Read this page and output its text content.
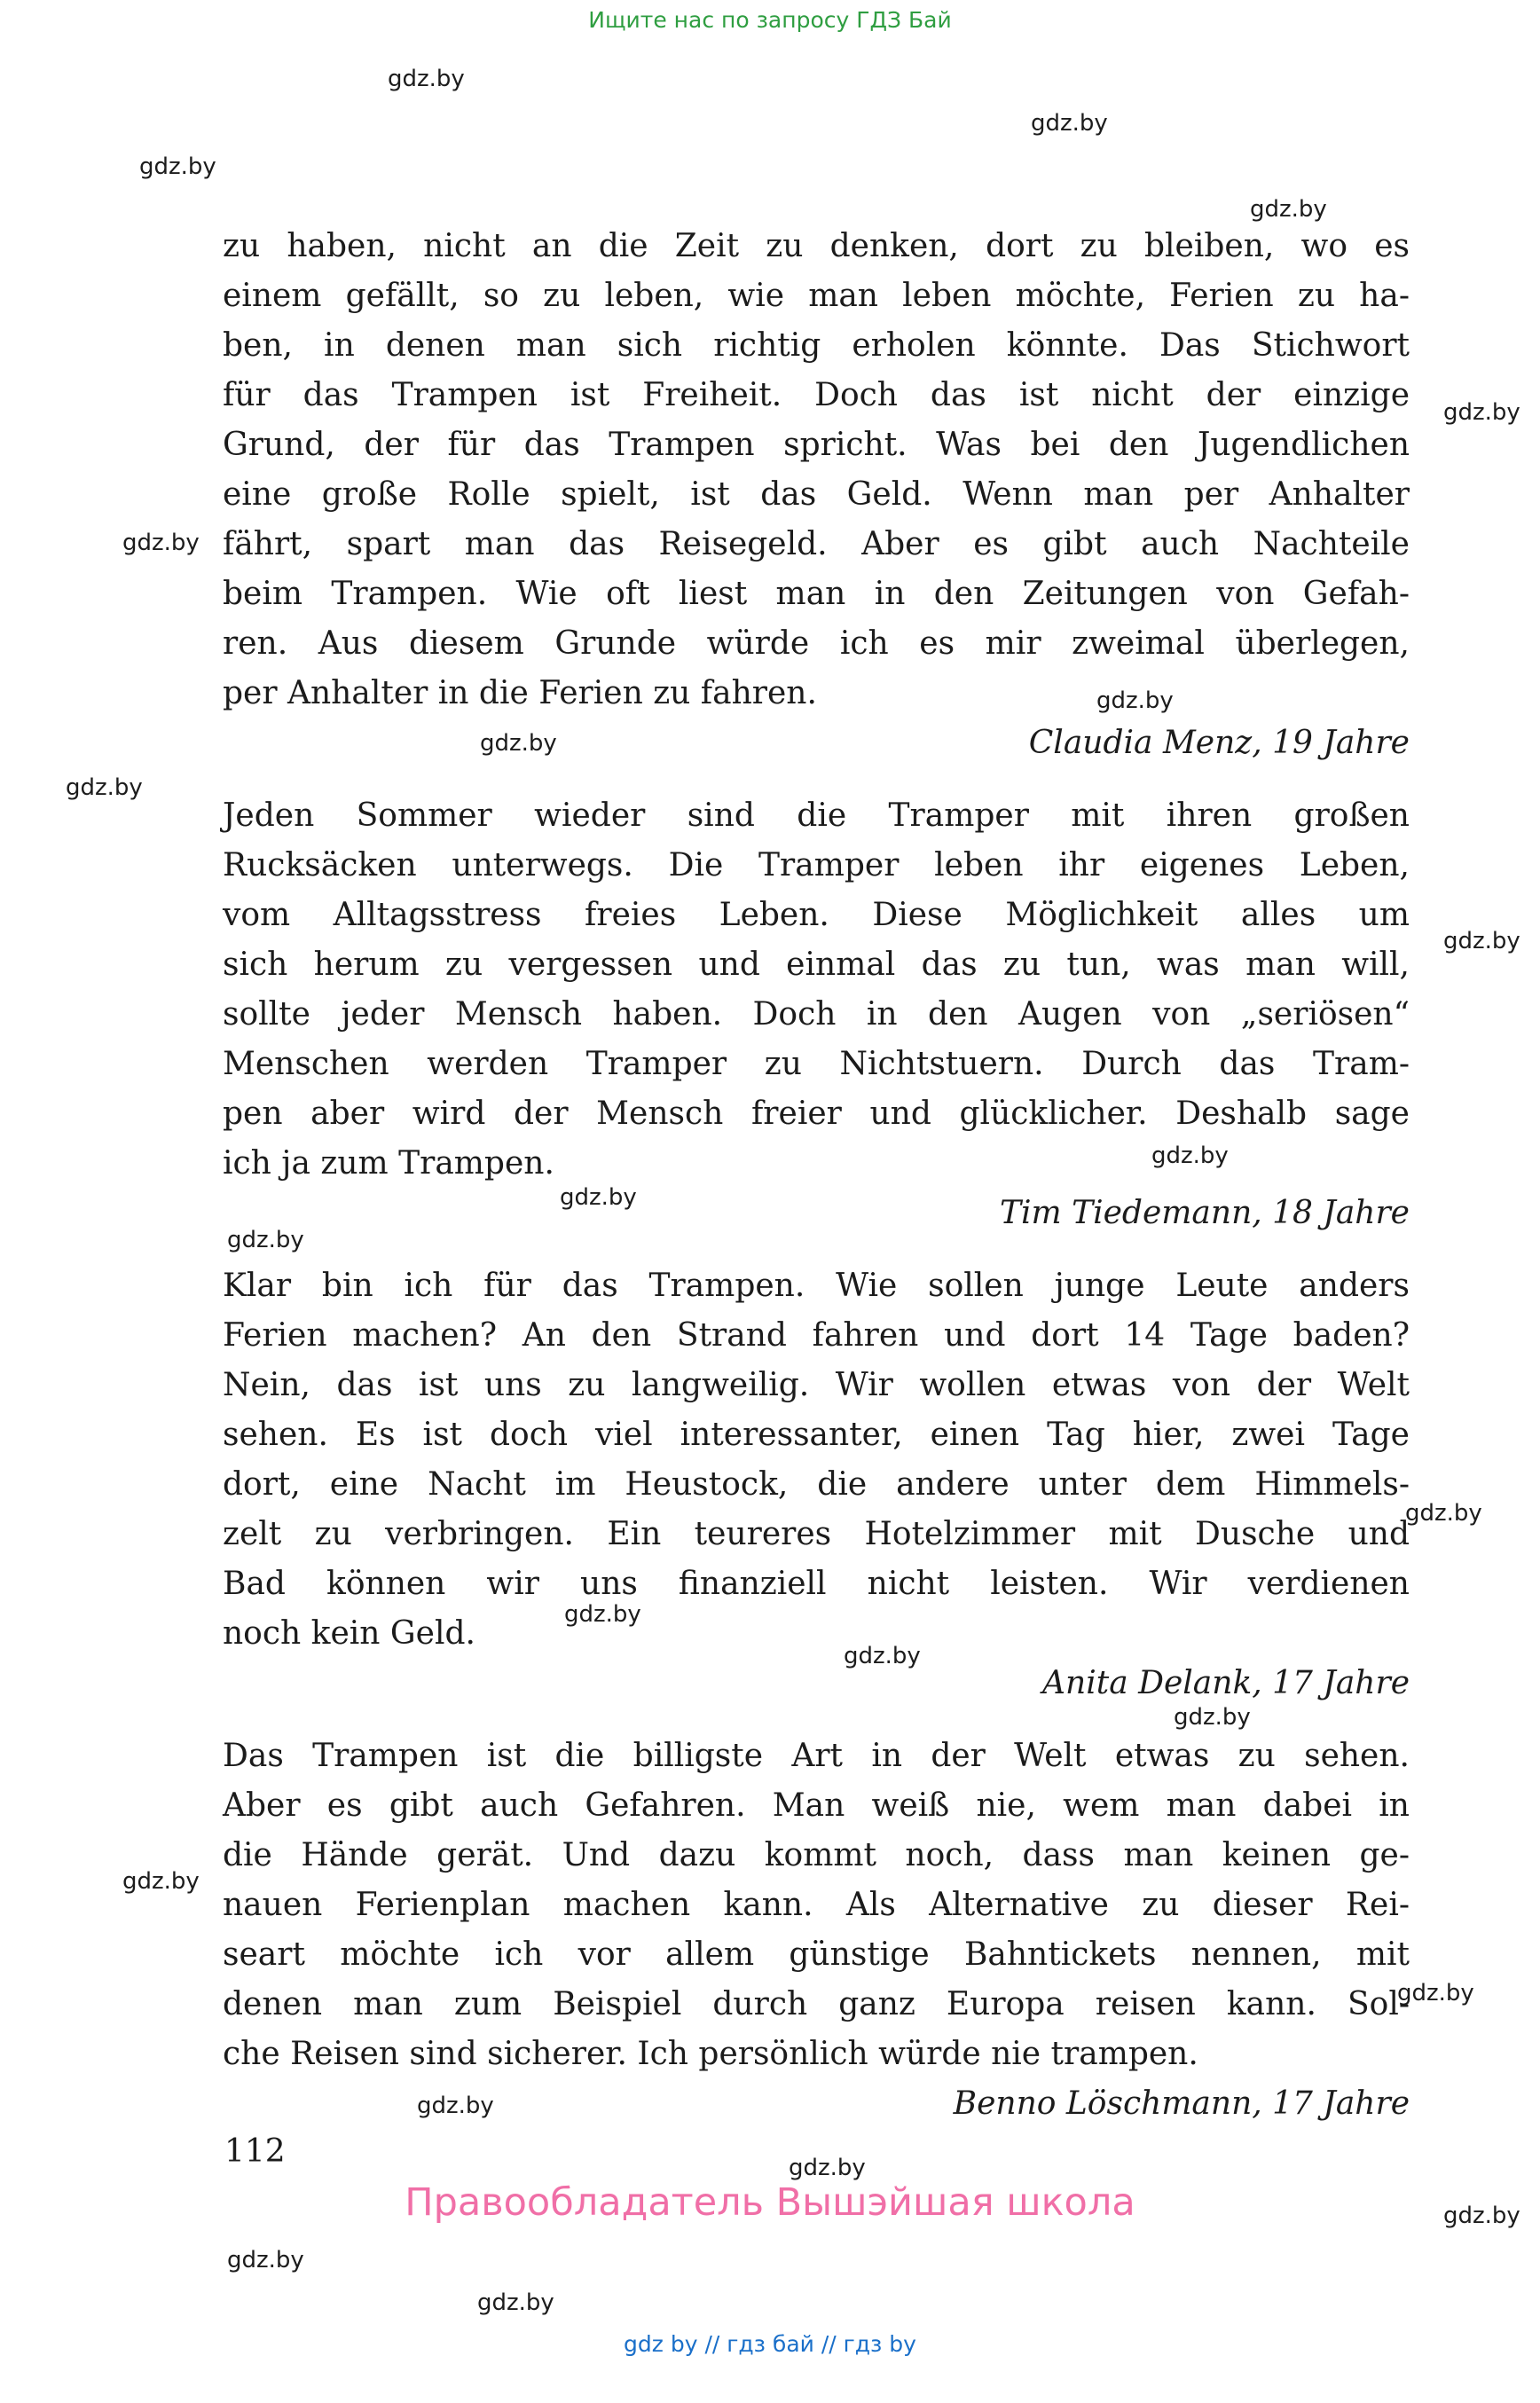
Ищите нас по запросу ГДЗ Бай
gdz.by
gdz.by
gdz.by
gdz.by
gdz.by
gdz.by
gdz.by
gdz.by
gdz.by
gdz.by
gdz.by
gdz.by
gdz.by
gdz.by
gdz.by
gdz.by
gdz.by
gdz.by
gdz.by
gdz.by
gdz.by
gdz.by
gdz.by
gdz.by
zu haben, nicht an die Zeit zu denken, dort zu bleiben, wo es
einem gefällt, so zu leben, wie man leben möchte, Ferien zu ha-
ben, in denen man sich richtig erholen könnte. Das Stichwort
für das Trampen ist Freiheit. Doch das ist nicht der einzige
Grund, der für das Trampen spricht. Was bei den Jugendlichen
eine große Rolle spielt, ist das Geld. Wenn man per Anhalter
fährt, spart man das Reisegeld. Aber es gibt auch Nachteile
beim Trampen. Wie oft liest man in den Zeitungen von Gefah-
ren. Aus diesem Grunde würde ich es mir zweimal überlegen,
per Anhalter in die Ferien zu fahren.
Claudia Menz, 19 Jahre
Jeden Sommer wieder sind die Tramper mit ihren großen
Rucksäcken unterwegs. Die Tramper leben ihr eigenes Leben,
vom Alltagsstress freies Leben. Diese Möglichkeit alles um
sich herum zu vergessen und einmal das zu tun, was man will,
sollte jeder Mensch haben. Doch in den Augen von „seriösen“
Menschen werden Tramper zu Nichtstuern. Durch das Tram-
pen aber wird der Mensch freier und glücklicher. Deshalb sage
ich ja zum Trampen.
Tim Tiedemann, 18 Jahre
Klar bin ich für das Trampen. Wie sollen junge Leute anders
Ferien machen? An den Strand fahren und dort 14 Tage baden?
Nein, das ist uns zu langweilig. Wir wollen etwas von der Welt
sehen. Es ist doch viel interessanter, einen Tag hier, zwei Tage
dort, eine Nacht im Heustock, die andere unter dem Himmels-
zelt zu verbringen. Ein teureres Hotelzimmer mit Dusche und
Bad können wir uns finanziell nicht leisten. Wir verdienen
noch kein Geld.
Anita Delank, 17 Jahre
Das Trampen ist die billigste Art in der Welt etwas zu sehen.
Aber es gibt auch Gefahren. Man weiß nie, wem man dabei in
die Hände gerät. Und dazu kommt noch, dass man keinen ge-
nauen Ferienplan machen kann. Als Alternative zu dieser Rei-
seart möchte ich vor allem günstige Bahntickets nennen, mit
denen man zum Beispiel durch ganz Europa reisen kann. Sol-
che Reisen sind sicherer. Ich persönlich würde nie trampen.
Benno Löschmann, 17 Jahre
112
Правообладатель Вышэйшая школа
gdz by // гдз бай // гдз by
